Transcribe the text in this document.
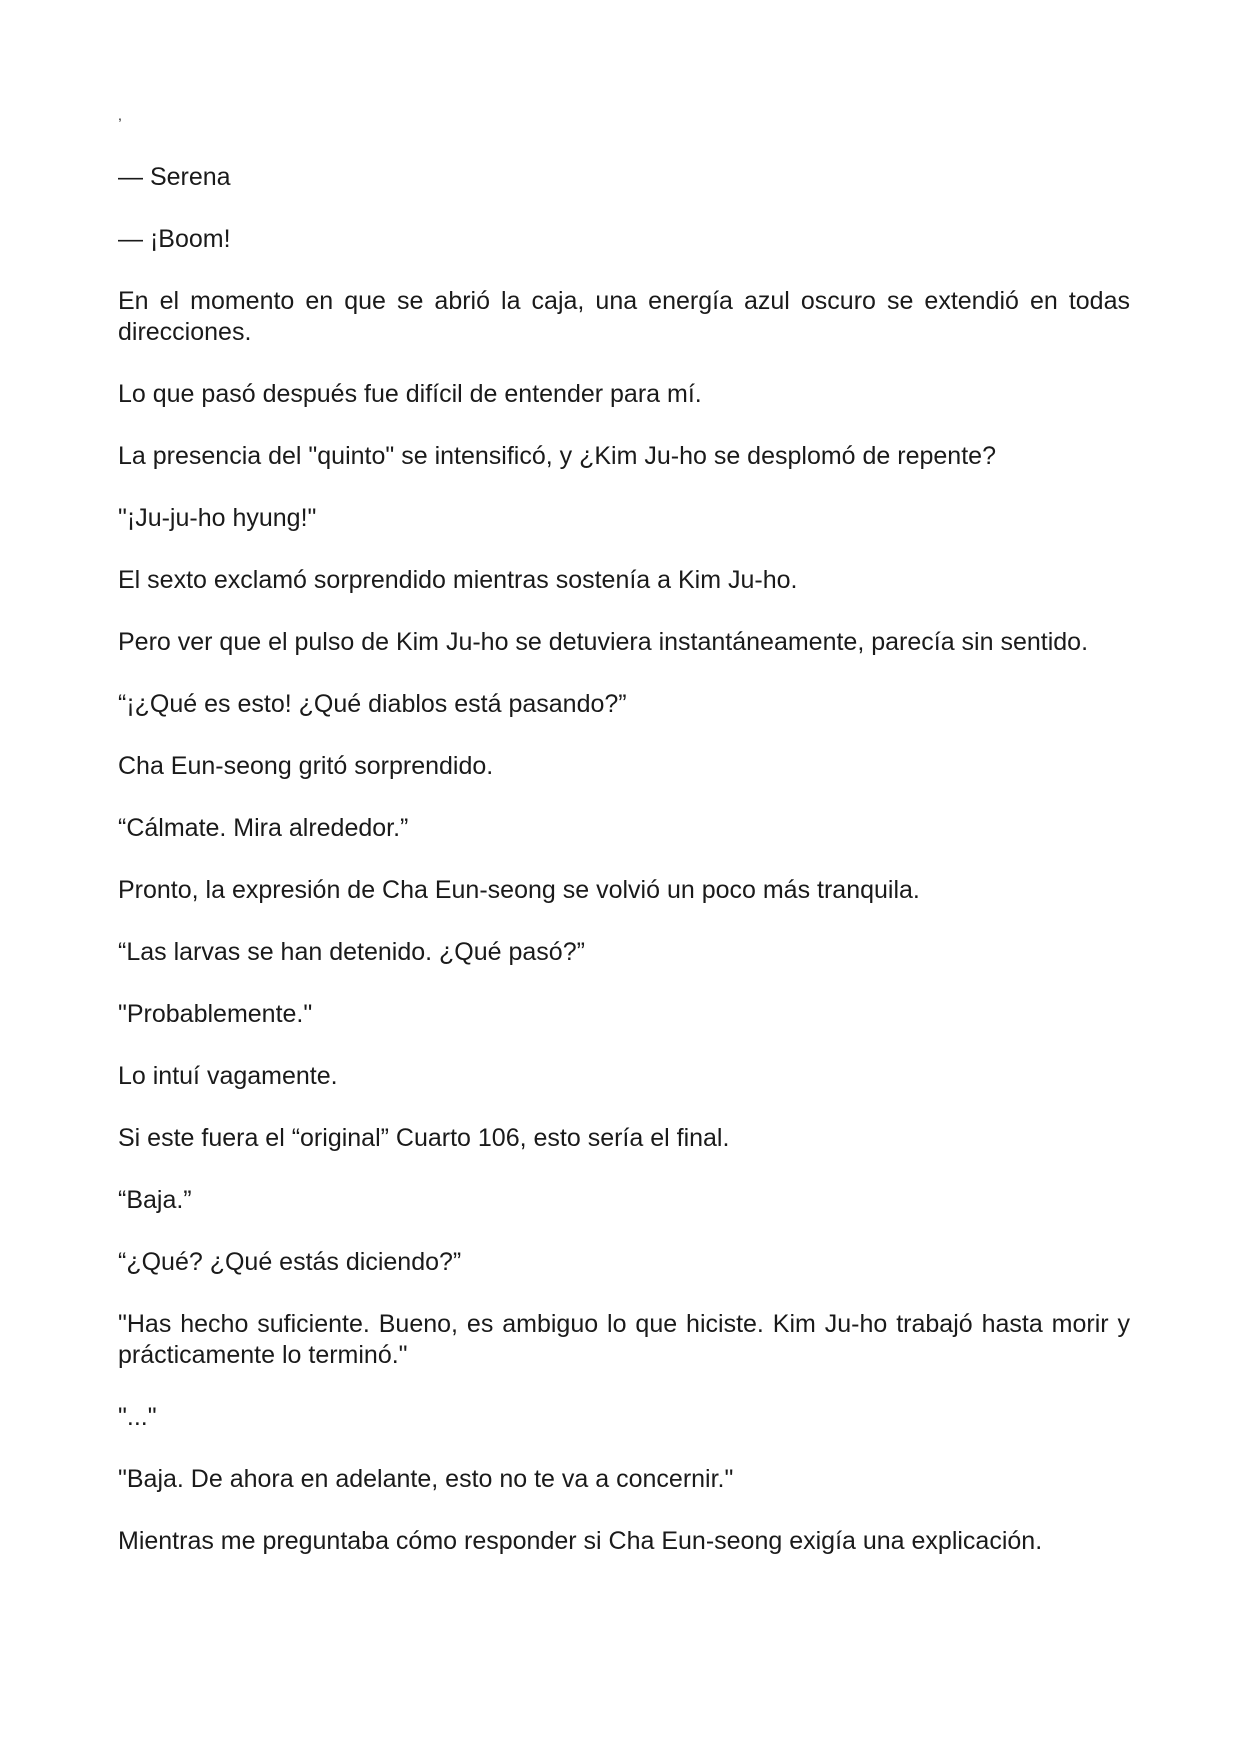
,

— Serena

— ¡Boom!

En el momento en que se abrió la caja, una energía azul oscuro se extendió en todas direcciones.

Lo que pasó después fue difícil de entender para mí.

La presencia del "quinto" se intensificó, y ¿Kim Ju-ho se desplomó de repente?

"¡Ju-ju-ho hyung!"

El sexto exclamó sorprendido mientras sostenía a Kim Ju-ho.

Pero ver que el pulso de Kim Ju-ho se detuviera instantáneamente, parecía sin sentido.

“¡¿Qué es esto! ¿Qué diablos está pasando?”

Cha Eun-seong gritó sorprendido.

“Cálmate. Mira alrededor.”

Pronto, la expresión de Cha Eun-seong se volvió un poco más tranquila.

“Las larvas se han detenido. ¿Qué pasó?”

"Probablemente."

Lo intuí vagamente.

Si este fuera el “original” Cuarto 106, esto sería el final.

“Baja.”

“¿Qué? ¿Qué estás diciendo?”

"Has hecho suficiente. Bueno, es ambiguo lo que hiciste. Kim Ju-ho trabajó hasta morir y prácticamente lo terminó."

"..."

"Baja. De ahora en adelante, esto no te va a concernir."

Mientras me preguntaba cómo responder si Cha Eun-seong exigía una explicación.
